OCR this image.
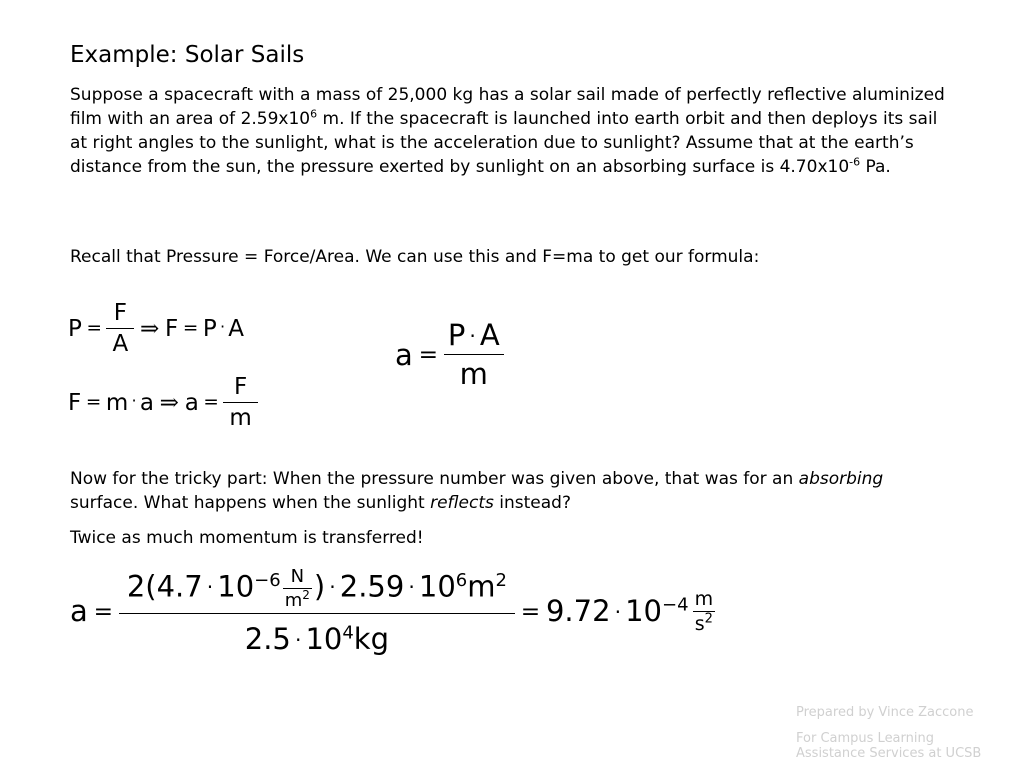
Example: Solar Sails
Suppose a spacecraft with a mass of 25,000 kg has a solar sail made of perfectly reflective aluminized film with an area of $2.59x10^6$ m. If the spacecraft is launched into earth orbit and then deploys its sail at right angles to the sunlight, what is the acceleration due to sunlight? Assume that at the earth’s distance from the sun, the pressure exerted by sunlight on an absorbing surface is $4.70x10^{-6}$ Pa.
Recall that Pressure = Force/Area. We can use this and F=ma to get our formula:
$P = \frac{F}{A}$ ⇒ F = P · A
F = m · a ⇒ $a = \frac{F}{m}$
$a = \frac{P \cdot A}{m}$
Now for the tricky part: When the pressure number was given above, that was for an absorbing surface. What happens when the sunlight reflects instead?
Twice as much momentum is transferred!
$a = \frac{2(4.7 \cdot 10^{-6} \frac{N}{m^2} ) \cdot 2.59 \cdot 10^6m^2}{2.5 \cdot 10^4kg} = 9.72 \cdot 10^{-4} \frac{m}{s^2}$
Prepared by Vince Zaccone
For Campus Learning
Assistance Services at UCSB
